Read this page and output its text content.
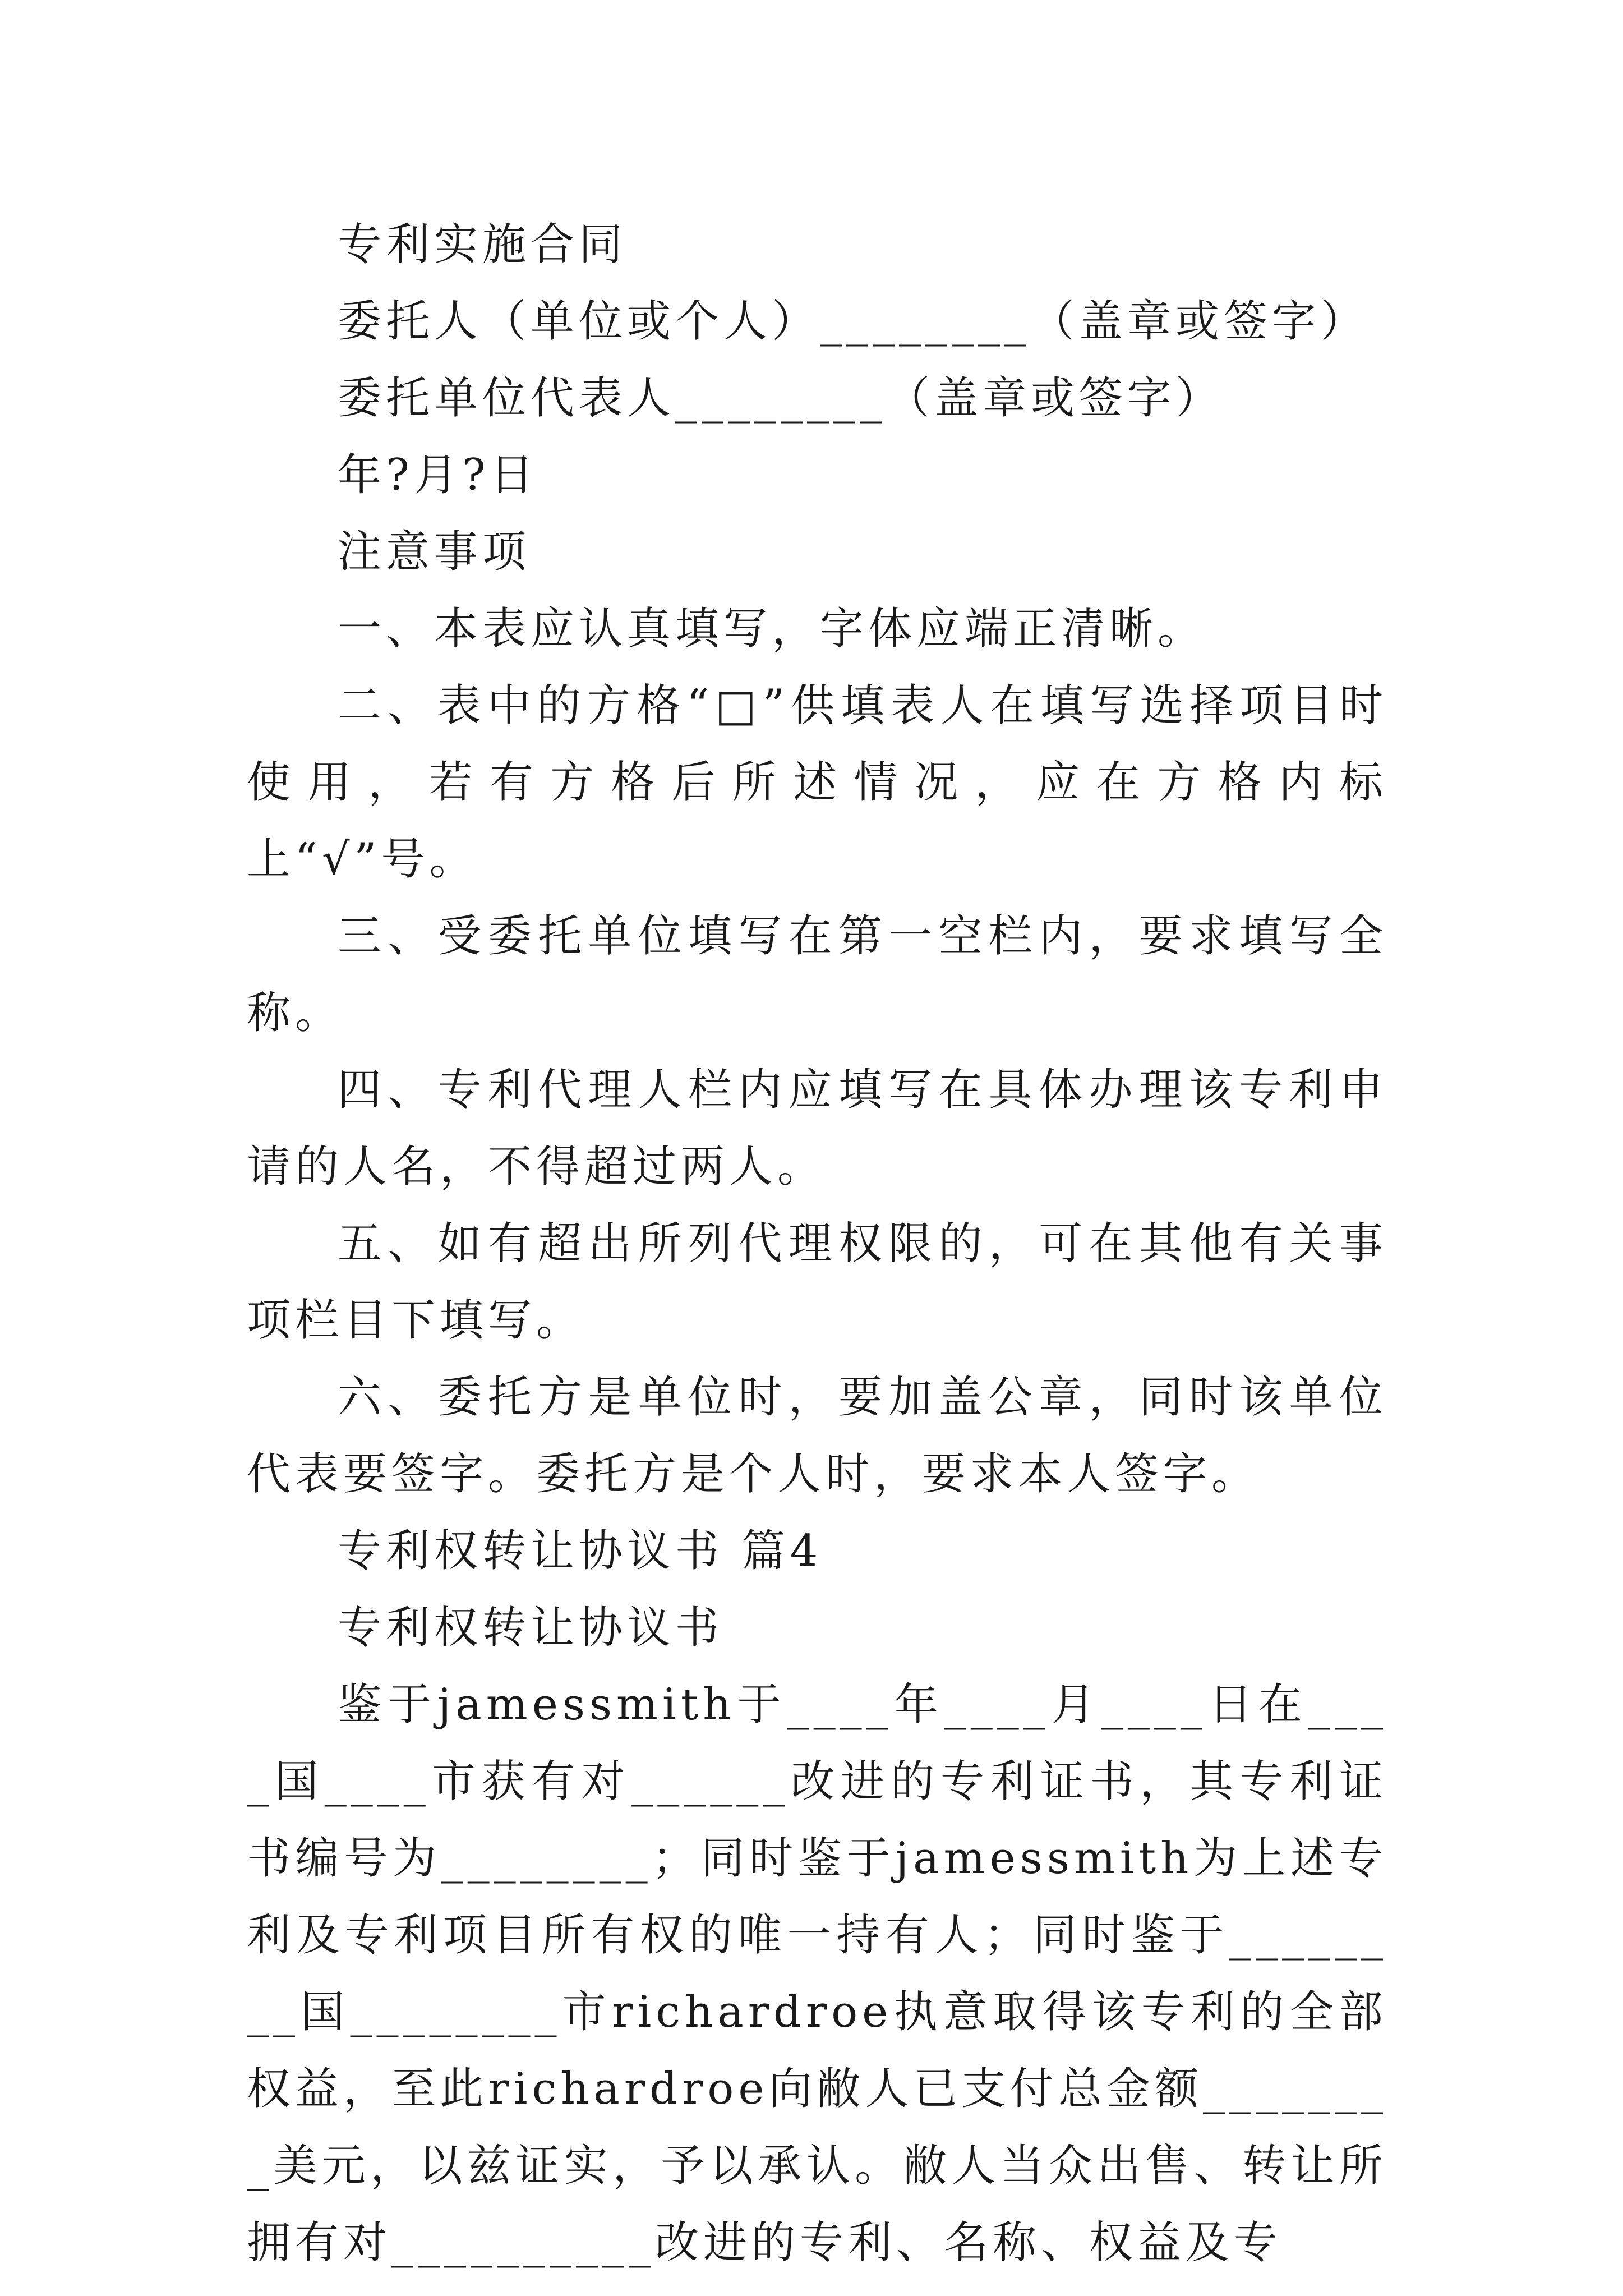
专利实施合同

委托人（单位或个人）________（盖章或签字）

委托单位代表人________（盖章或签字）

年?月?日

注意事项

一、本表应认真填写，字体应端正清晰。

二、表中的方格“□”供填表人在填写选择项目时使用，若有方格后所述情况，应在方格内标上“√”号。

三、受委托单位填写在第一空栏内，要求填写全称。

四、专利代理人栏内应填写在具体办理该专利申请的人名，不得超过两人。

五、如有超出所列代理权限的，可在其他有关事项栏目下填写。

六、委托方是单位时，要加盖公章，同时该单位代表要签字。委托方是个人时，要求本人签字。

专利权转让协议书 篇4

专利权转让协议书

鉴于jamessmith于____年____月____日在____国____市获有对______改进的专利证书，其专利证书编号为________；同时鉴于jamessmith为上述专利及专利项目所有权的唯一持有人；同时鉴于________国________市richardroe执意取得该专利的全部权益，至此richardroe向敝人已支付总金额________美元，以兹证实，予以承认。敝人当众出售、转让所拥有对__________改进的专利、名称、权益及专
